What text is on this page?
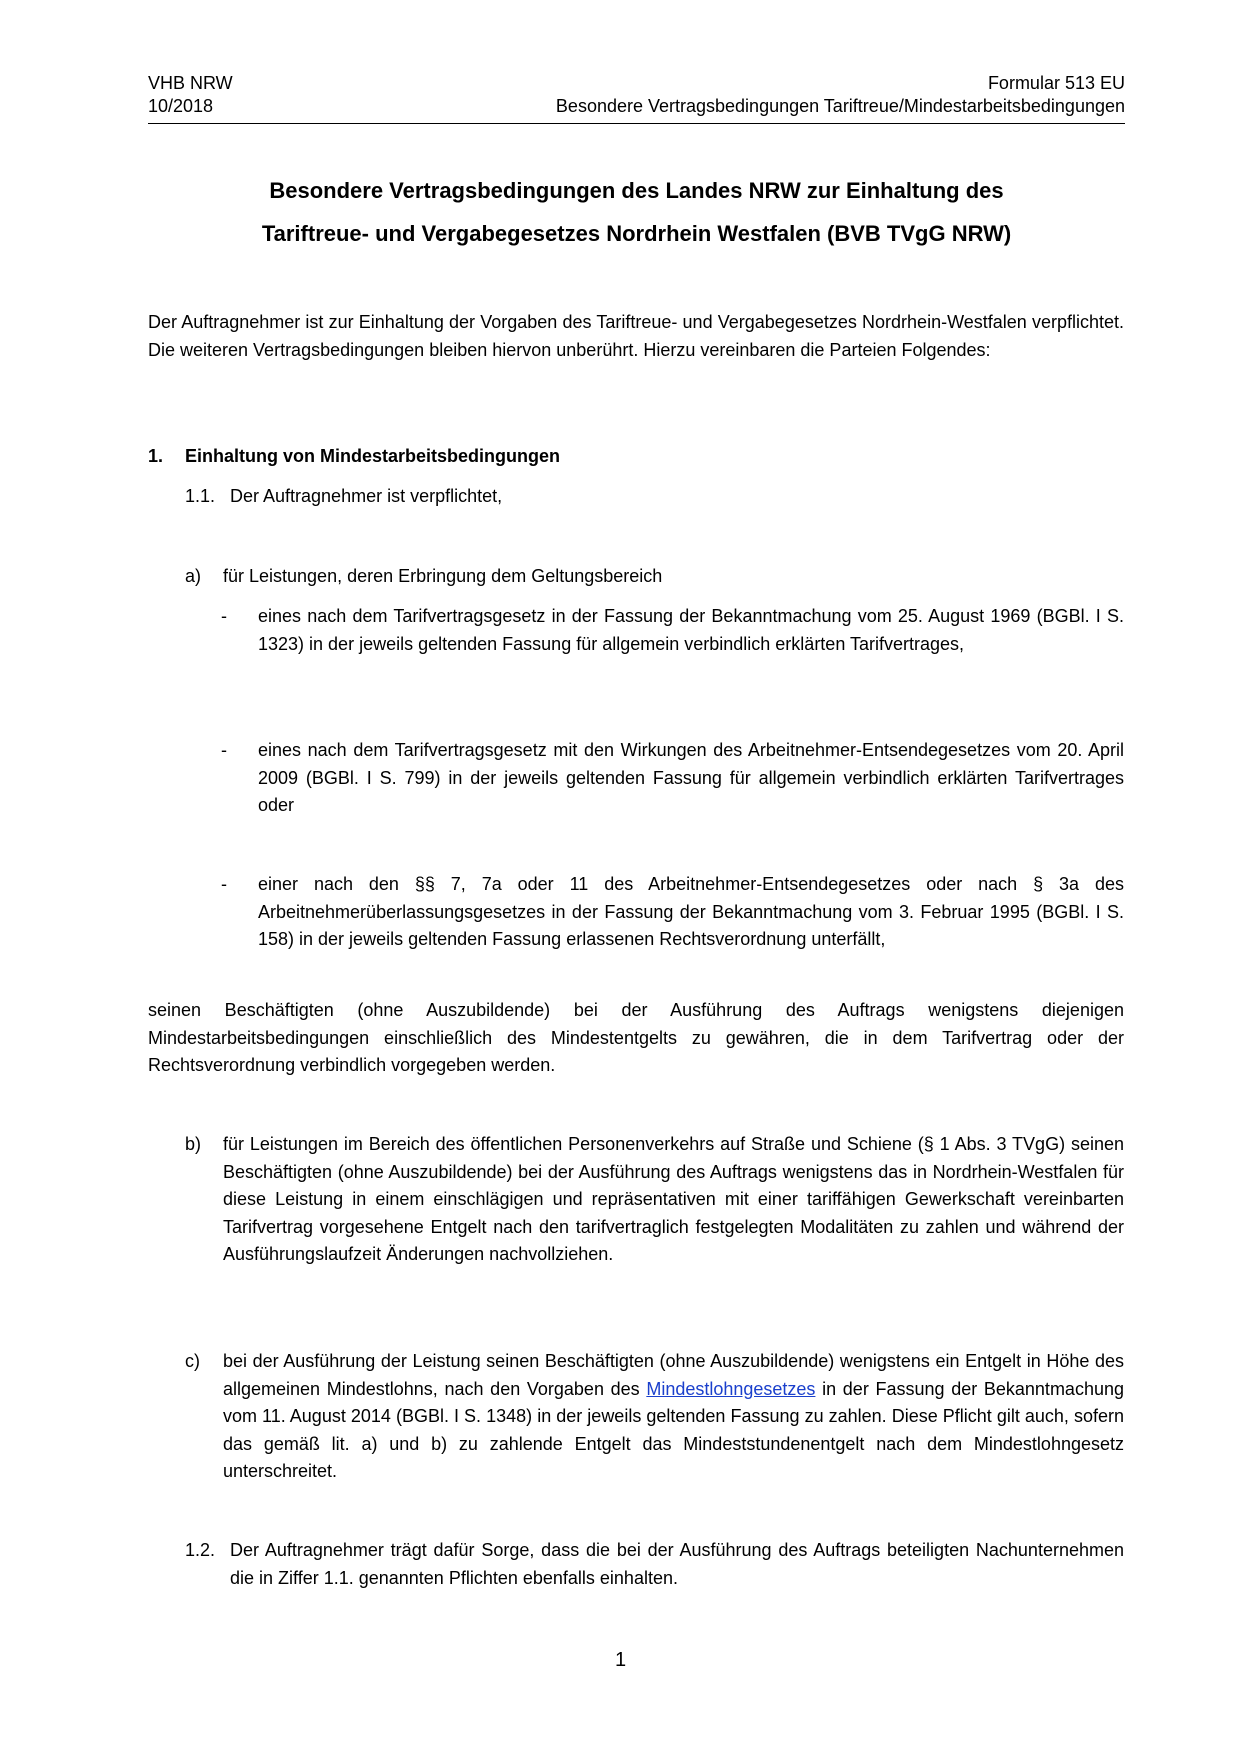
VHB NRW
10/2018
Formular 513 EU
Besondere Vertragsbedingungen Tariftreue/Mindestarbeitsbedingungen
Besondere Vertragsbedingungen des Landes NRW zur Einhaltung des
Tariftreue- und Vergabegesetzes Nordrhein Westfalen (BVB TVgG NRW)
Der Auftragnehmer ist zur Einhaltung der Vorgaben des Tariftreue- und Vergabegesetzes Nordrhein-Westfalen verpflichtet. Die weiteren Vertragsbedingungen bleiben hiervon unberührt. Hierzu vereinbaren die Parteien Folgendes:
1. Einhaltung von Mindestarbeitsbedingungen
1.1. Der Auftragnehmer ist verpflichtet,
a) für Leistungen, deren Erbringung dem Geltungsbereich
- eines nach dem Tarifvertragsgesetz in der Fassung der Bekanntmachung vom 25. August 1969 (BGBl. I S. 1323) in der jeweils geltenden Fassung für allgemein verbindlich erklärten Tarifvertrages,
- eines nach dem Tarifvertragsgesetz mit den Wirkungen des Arbeitnehmer-Entsendegesetzes vom 20. April 2009 (BGBl. I S. 799) in der jeweils geltenden Fassung für allgemein verbindlich erklärten Tarifvertrages oder
- einer nach den §§ 7, 7a oder 11 des Arbeitnehmer-Entsendegesetzes oder nach § 3a des Arbeitnehmerüberlassungsgesetzes in der Fassung der Bekanntmachung vom 3. Februar 1995 (BGBl. I S. 158) in der jeweils geltenden Fassung erlassenen Rechtsverordnung unterfällt,
seinen Beschäftigten (ohne Auszubildende) bei der Ausführung des Auftrags wenigstens diejenigen Mindestarbeitsbedingungen einschließlich des Mindestentgelts zu gewähren, die in dem Tarifvertrag oder der Rechtsverordnung verbindlich vorgegeben werden.
b) für Leistungen im Bereich des öffentlichen Personenverkehrs auf Straße und Schiene (§ 1 Abs. 3 TVgG) seinen Beschäftigten (ohne Auszubildende) bei der Ausführung des Auftrags wenigstens das in Nordrhein-Westfalen für diese Leistung in einem einschlägigen und repräsentativen mit einer tariffähigen Gewerkschaft vereinbarten Tarifvertrag vorgesehene Entgelt nach den tarifvertraglich festgelegten Modalitäten zu zahlen und während der Ausführungslaufzeit Änderungen nachvollziehen.
c) bei der Ausführung der Leistung seinen Beschäftigten (ohne Auszubildende) wenigstens ein Entgelt in Höhe des allgemeinen Mindestlohns, nach den Vorgaben des Mindestlohngesetzes in der Fassung der Bekanntmachung vom 11. August 2014 (BGBl. I S. 1348) in der jeweils geltenden Fassung zu zahlen. Diese Pflicht gilt auch, sofern das gemäß lit. a) und b) zu zahlende Entgelt das Mindeststundenentgelt nach dem Mindestlohngesetz unterschreitet.
1.2. Der Auftragnehmer trägt dafür Sorge, dass die bei der Ausführung des Auftrags beteiligten Nachunternehmen die in Ziffer 1.1. genannten Pflichten ebenfalls einhalten.
1
